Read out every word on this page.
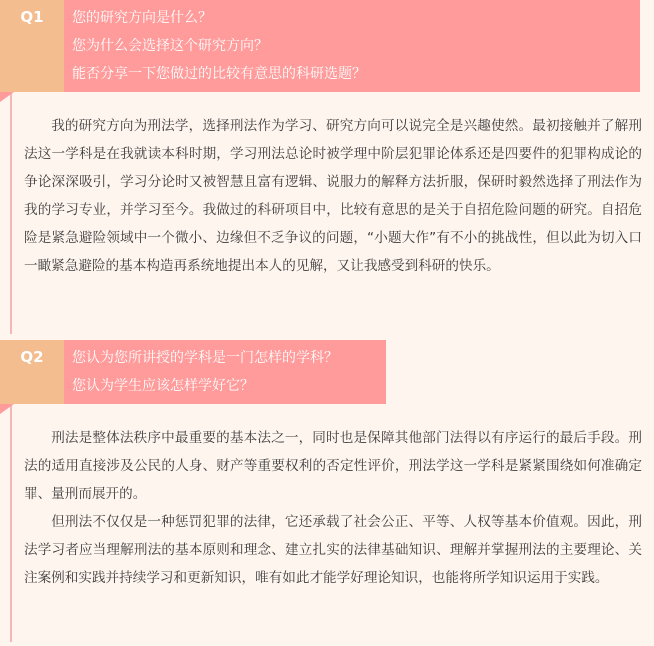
Q1	您的研究方向是什么？
您为什么会选择这个研究方向？
能否分享一下您做过的比较有意思的科研选题？

我的研究方向为刑法学，选择刑法作为学习、研究方向可以说完全是兴趣使然。最初接触并了解刑法这一学科是在我就读本科时期，学习刑法总论时被学理中阶层犯罪论体系还是四要件的犯罪构成论的争论深深吸引，学习分论时又被智慧且富有逻辑、说服力的解释方法折服，保研时毅然选择了刑法作为我的学习专业，并学习至今。我做过的科研项目中，比较有意思的是关于自招危险问题的研究。自招危险是紧急避险领域中一个微小、边缘但不乏争议的问题，“小题大作”有不小的挑战性，但以此为切入口一瞰紧急避险的基本构造再系统地提出本人的见解，又让我感受到科研的快乐。

Q2	您认为您所讲授的学科是一门怎样的学科？
您认为学生应该怎样学好它？

刑法是整体法秩序中最重要的基本法之一，同时也是保障其他部门法得以有序运行的最后手段。刑法的适用直接涉及公民的人身、财产等重要权利的否定性评价，刑法学这一学科是紧紧围绕如何准确定罪、量刑而展开的。

但刑法不仅仅是一种惩罚犯罪的法律，它还承载了社会公正、平等、人权等基本价值观。因此，刑法学习者应当理解刑法的基本原则和理念、建立扎实的法律基础知识、理解并掌握刑法的主要理论、关注案例和实践并持续学习和更新知识，唯有如此才能学好理论知识，也能将所学知识运用于实践。
